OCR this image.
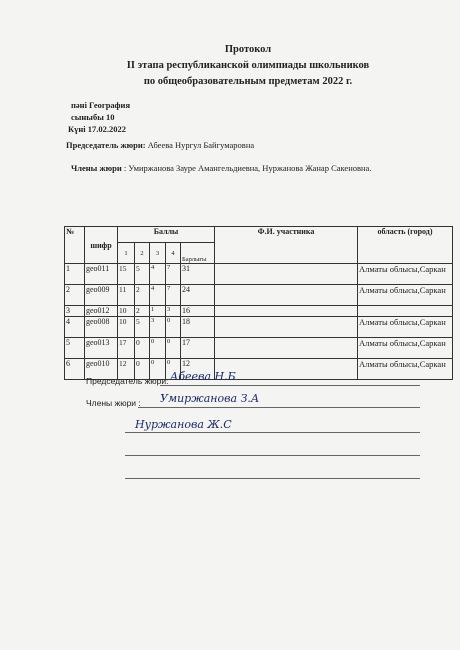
Протокол
II этапа республиканской олимпиады школьников
по общеобразовательным предметам 2022 г.
пәні География
сыныбы 10
Күні 17.02.2022
Председатель жюри: Абеева Нургул Байгумаровна
Члены жюри : Умиржанова Зауре Амангельдиевна, Нуржанова Жанар Сакеновна.
№	шифр	Баллы					Ф.И. участника	область (город)
		1	2	3	4	Барлығы		
1	geo011	15	5	4	7	31		Алматы облысы,Саркан
2	geo009	11	2	4	7	24		Алматы облысы,Саркан
3	geo012	10	2	1	3	16		
4	geo008	10	5	3	0	18		Алматы облысы,Саркан
5	geo013	17	0	0	0	17		Алматы облысы,Саркан
6	geo010	12	0	0	0	12		Алматы облысы,Саркан
Председатель жюри: Абеева Н.Б
Члены жюри : Умиржанова З.А
Нуржанова Ж.С
